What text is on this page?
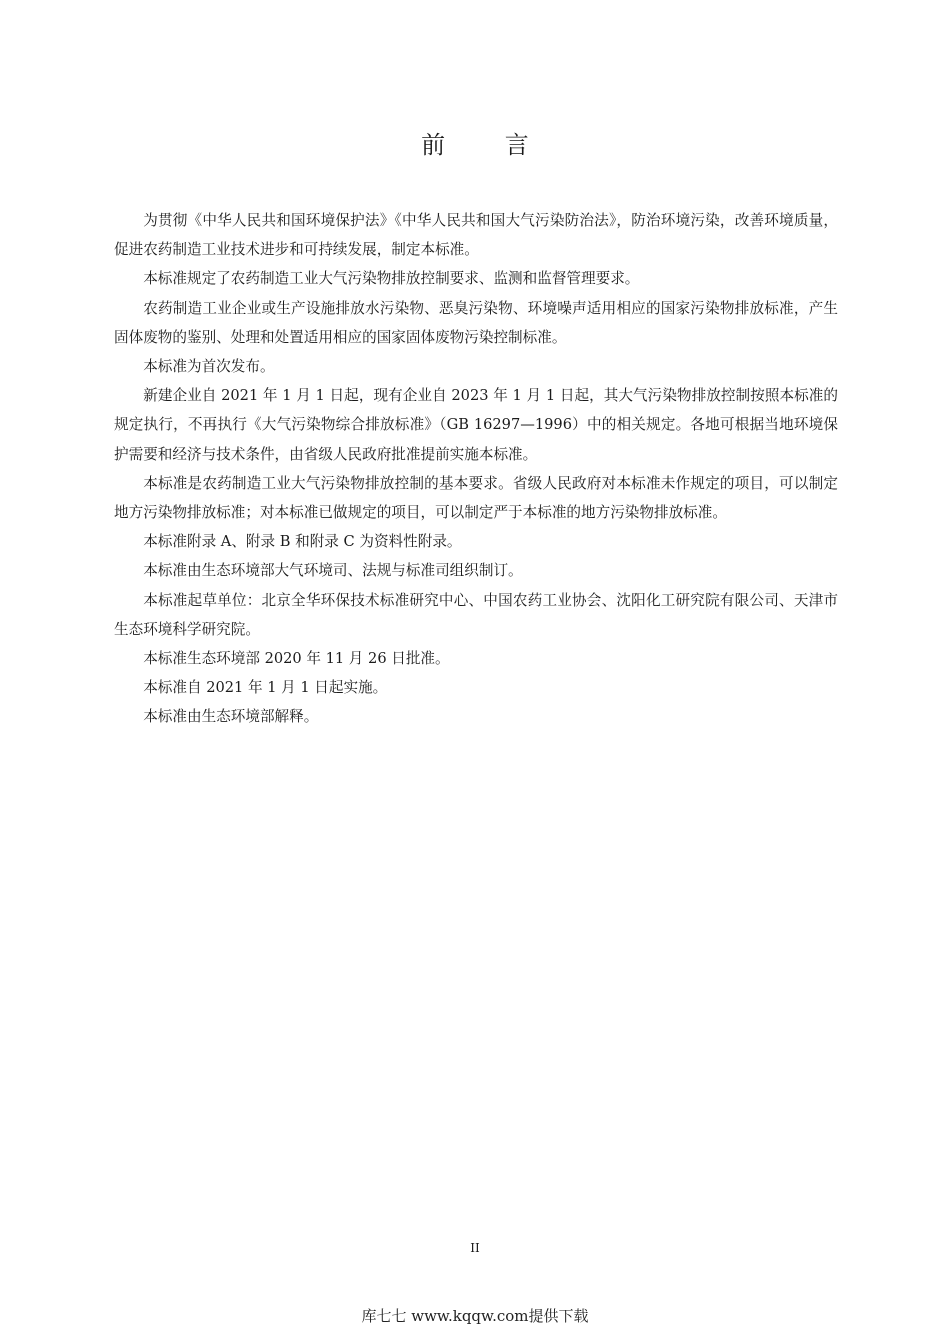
前 言

为贯彻《中华人民共和国环境保护法》《中华人民共和国大气污染防治法》，防治环境污染，改善环境质量，促进农药制造工业技术进步和可持续发展，制定本标准。

本标准规定了农药制造工业大气污染物排放控制要求、监测和监督管理要求。

农药制造工业企业或生产设施排放水污染物、恶臭污染物、环境噪声适用相应的国家污染物排放标准，产生固体废物的鉴别、处理和处置适用相应的国家固体废物污染控制标准。

本标准为首次发布。

新建企业自 2021 年 1 月 1 日起，现有企业自 2023 年 1 月 1 日起，其大气污染物排放控制按照本标准的规定执行，不再执行《大气污染物综合排放标准》（GB 16297—1996）中的相关规定。各地可根据当地环境保护需要和经济与技术条件，由省级人民政府批准提前实施本标准。

本标准是农药制造工业大气污染物排放控制的基本要求。省级人民政府对本标准未作规定的项目，可以制定地方污染物排放标准；对本标准已做规定的项目，可以制定严于本标准的地方污染物排放标准。

本标准附录 A、附录 B 和附录 C 为资料性附录。

本标准由生态环境部大气环境司、法规与标准司组织制订。

本标准起草单位：北京全华环保技术标准研究中心、中国农药工业协会、沈阳化工研究院有限公司、天津市生态环境科学研究院。

本标准生态环境部 2020 年 11 月 26 日批准。

本标准自 2021 年 1 月 1 日起实施。

本标准由生态环境部解释。

II
库七七 www.kqqw.com提供下载
